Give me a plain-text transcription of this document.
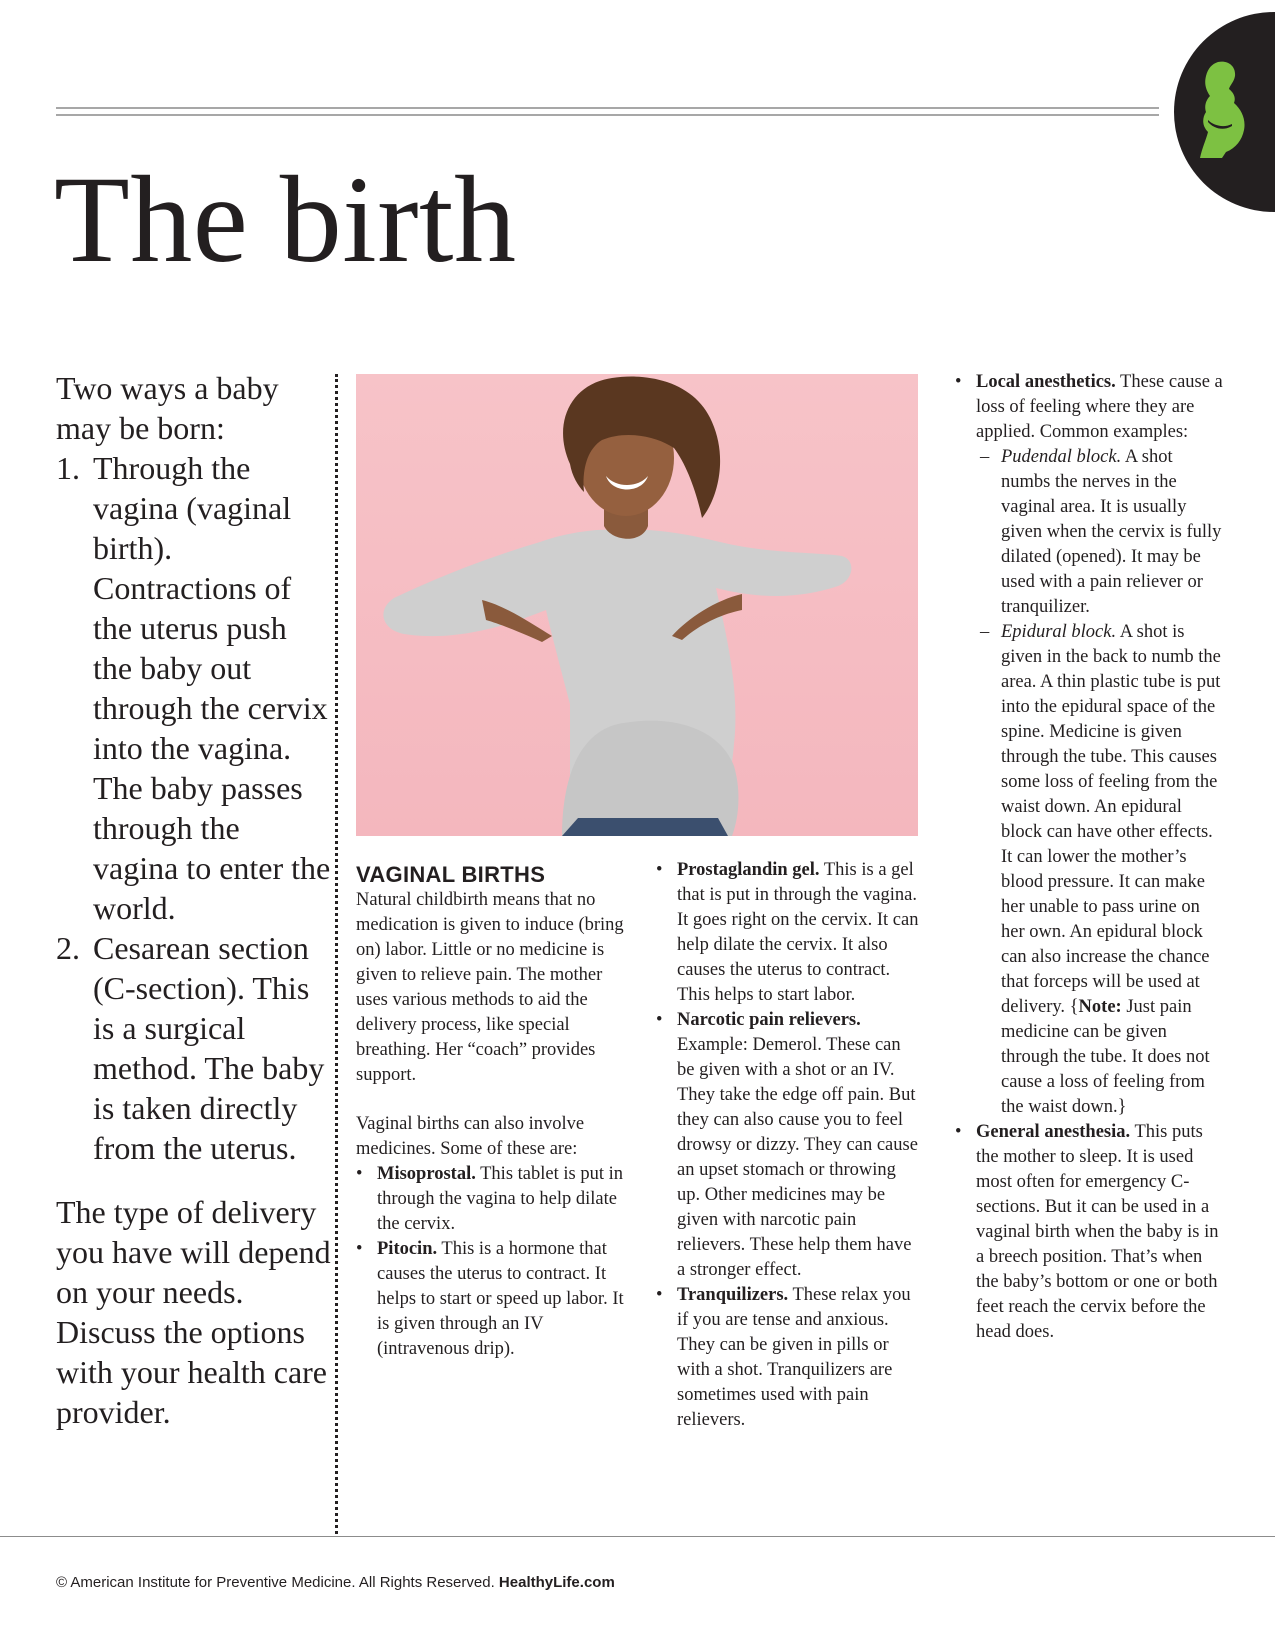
The birth

Two ways a baby may be born:

1. Through the vagina (vaginal birth). Contractions of the uterus push the baby out through the cervix into the vagina. The baby passes through the vagina to enter the world.
2. Cesarean section (C-section). This is a surgical method. The baby is taken directly from the uterus.

The type of delivery you have will depend on your needs. Discuss the options with your health care provider.

VAGINAL BIRTHS

Natural childbirth means that no medication is given to induce (bring on) labor. Little or no medicine is given to relieve pain. The mother uses various methods to aid the delivery process, like special breathing. Her “coach” provides support.

Vaginal births can also involve medicines. Some of these are:

• Misoprostal. This tablet is put in through the vagina to help dilate the cervix.

• Pitocin. This is a hormone that causes the uterus to contract. It helps to start or speed up labor. It is given through an IV (intravenous drip).

• Prostaglandin gel. This is a gel that is put in through the vagina. It goes right on the cervix. It can help dilate the cervix. It also causes the uterus to contract. This helps to start labor.

• Narcotic pain relievers. Example: Demerol. These can be given with a shot or an IV. They take the edge off pain. But they can also cause you to feel drowsy or dizzy. They can cause an upset stomach or throwing up. Other medicines may be given with narcotic pain relievers. These help them have a stronger effect.

• Tranquilizers. These relax you if you are tense and anxious. They can be given in pills or with a shot. Tranquilizers are sometimes used with pain relievers.

• Local anesthetics. These cause a loss of feeling where they are applied. Common examples:

– Pudendal block. A shot numbs the nerves in the vaginal area. It is usually given when the cervix is fully dilated (opened). It may be used with a pain reliever or tranquilizer.

– Epidural block. A shot is given in the back to numb the area. A thin plastic tube is put into the epidural space of the spine. Medicine is given through the tube. This causes some loss of feeling from the waist down. An epidural block can have other effects. It can lower the mother’s blood pressure. It can make her unable to pass urine on her own. An epidural block can also increase the chance that forceps will be used at delivery. {Note: Just pain medicine can be given through the tube. It does not cause a loss of feeling from the waist down.}

• General anesthesia. This puts the mother to sleep. It is used most often for emergency C-sections. But it can be used in a vaginal birth when the baby is in a breech position. That’s when the baby’s bottom or one or both feet reach the cervix before the head does.

© American Institute for Preventive Medicine. All Rights Reserved. HealthyLife.com
